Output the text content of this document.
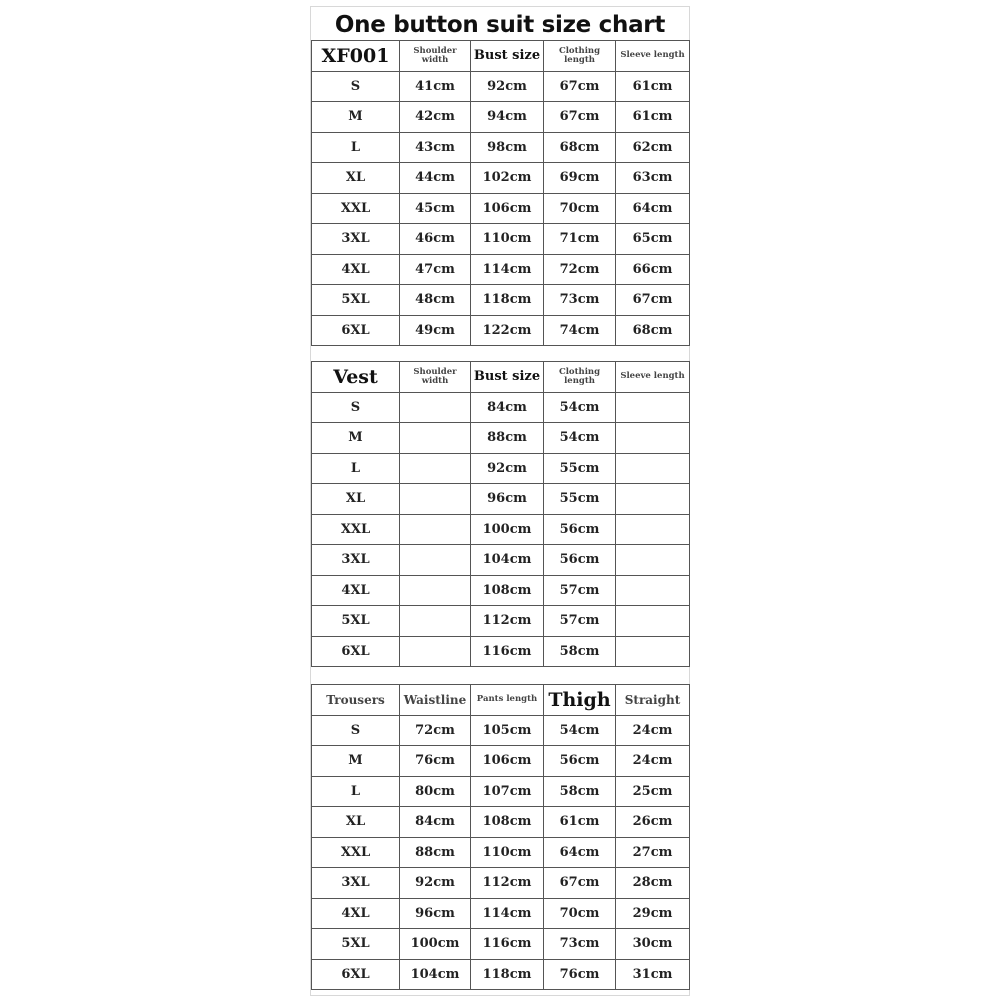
One button suit size chart
XF001	Shoulder width	Bust size	Clothing length	Sleeve length
S	41cm	92cm	67cm	61cm
M	42cm	94cm	67cm	61cm
L	43cm	98cm	68cm	62cm
XL	44cm	102cm	69cm	63cm
XXL	45cm	106cm	70cm	64cm
3XL	46cm	110cm	71cm	65cm
4XL	47cm	114cm	72cm	66cm
5XL	48cm	118cm	73cm	67cm
6XL	49cm	122cm	74cm	68cm
Vest	Shoulder width	Bust size	Clothing length	Sleeve length
S		84cm	54cm	
M		88cm	54cm	
L		92cm	55cm	
XL		96cm	55cm	
XXL		100cm	56cm	
3XL		104cm	56cm	
4XL		108cm	57cm	
5XL		112cm	57cm	
6XL		116cm	58cm	
Trousers	Waistline	Pants length	Thigh	Straight
S	72cm	105cm	54cm	24cm
M	76cm	106cm	56cm	24cm
L	80cm	107cm	58cm	25cm
XL	84cm	108cm	61cm	26cm
XXL	88cm	110cm	64cm	27cm
3XL	92cm	112cm	67cm	28cm
4XL	96cm	114cm	70cm	29cm
5XL	100cm	116cm	73cm	30cm
6XL	104cm	118cm	76cm	31cm
